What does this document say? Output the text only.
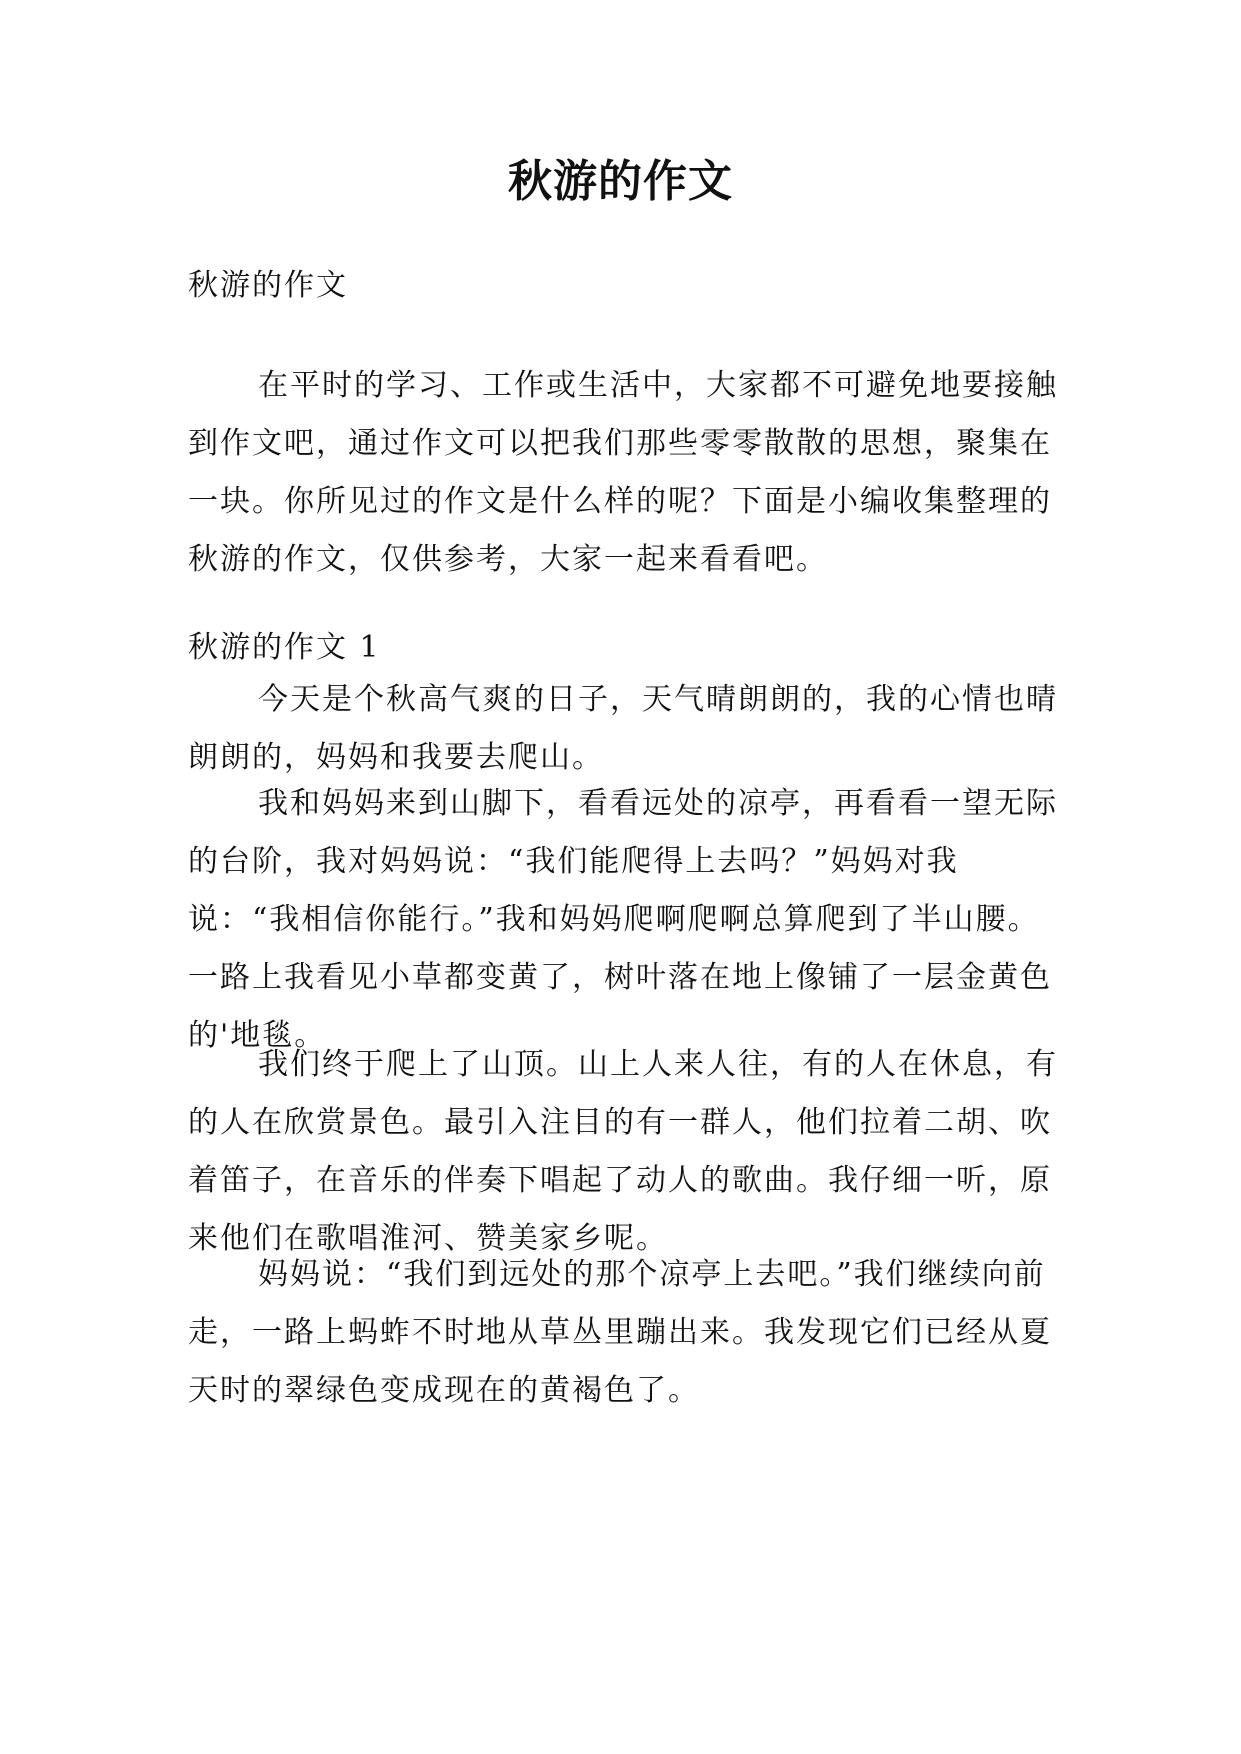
秋游的作文

秋游的作文

在平时的学习、工作或生活中，大家都不可避免地要接触到作文吧，通过作文可以把我们那些零零散散的思想，聚集在一块。你所见过的作文是什么样的呢？下面是小编收集整理的秋游的作文，仅供参考，大家一起来看看吧。

秋游的作文 1

今天是个秋高气爽的日子，天气晴朗朗的，我的心情也晴朗朗的，妈妈和我要去爬山。

我和妈妈来到山脚下，看看远处的凉亭，再看看一望无际的台阶，我对妈妈说：“我们能爬得上去吗？”妈妈对我说：“我相信你能行。”我和妈妈爬啊爬啊总算爬到了半山腰。一路上我看见小草都变黄了，树叶落在地上像铺了一层金黄色的'地毯。

我们终于爬上了山顶。山上人来人往，有的人在休息，有的人在欣赏景色。最引入注目的有一群人，他们拉着二胡、吹着笛子，在音乐的伴奏下唱起了动人的歌曲。我仔细一听，原来他们在歌唱淮河、赞美家乡呢。

妈妈说：“我们到远处的那个凉亭上去吧。”我们继续向前走，一路上蚂蚱不时地从草丛里蹦出来。我发现它们已经从夏天时的翠绿色变成现在的黄褐色了。
